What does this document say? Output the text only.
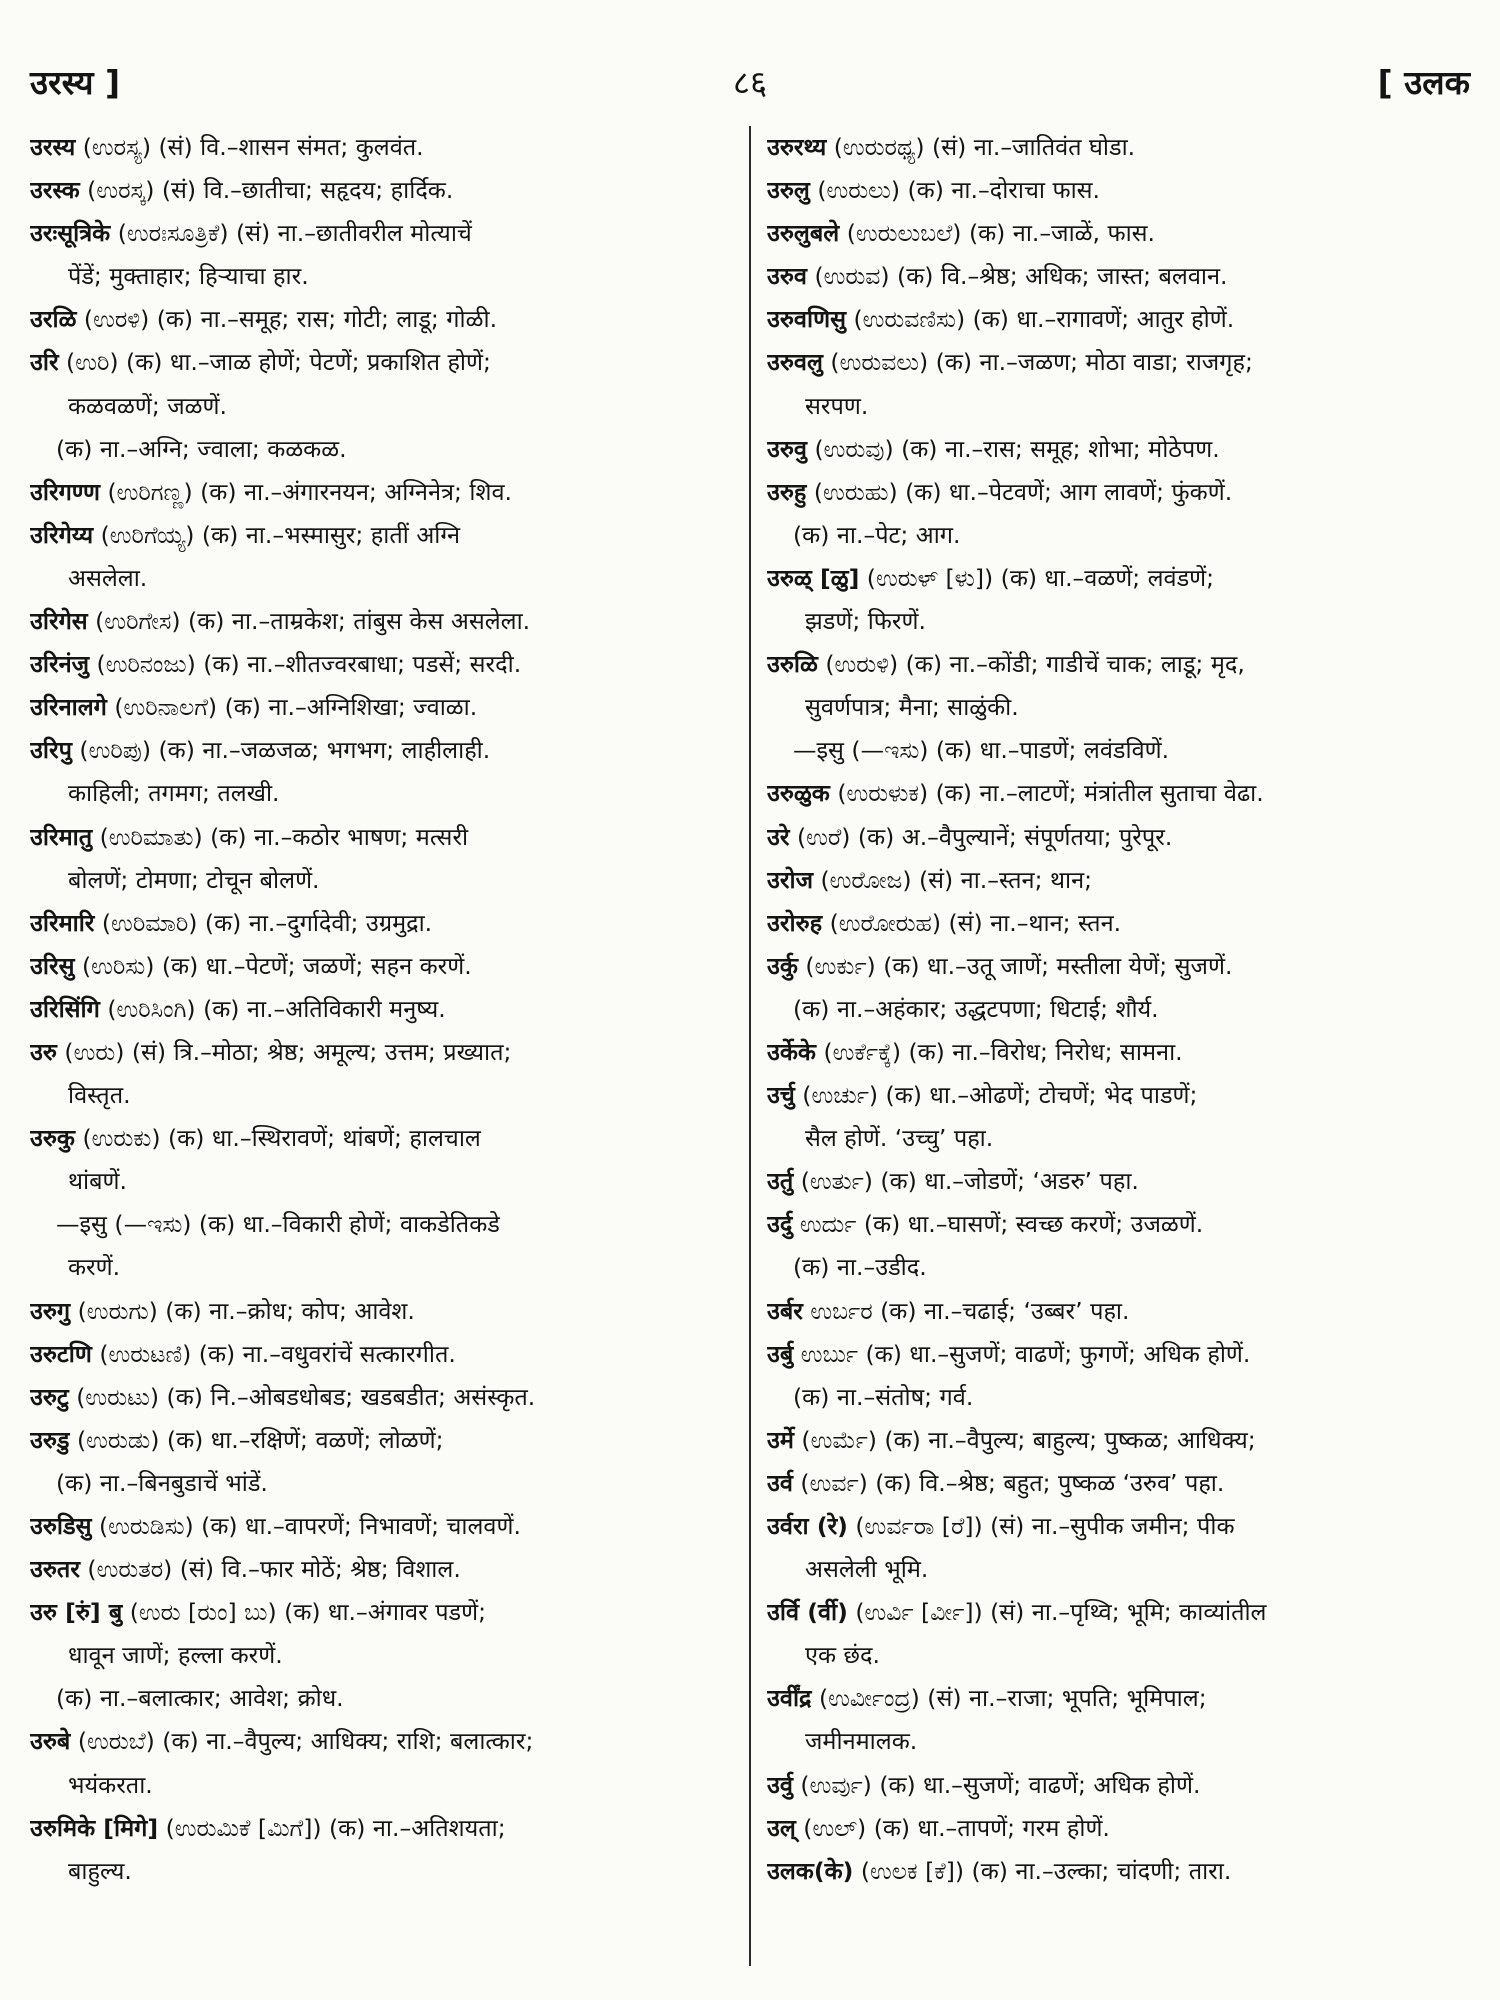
८६
उरस्य ]	[ उलक
उरस्य (ಉರಸ್ಯ) (सं) वि.–शासन संमत; कुलवंत.
उरस्क (ಉರಸ್ಕ) (सं) वि.–छातीचा; सहृदय; हार्दिक.
उरःसूत्रिके (ಉರಃಸೂತ್ರಿಕೆ) (सं) ना.–छातीवरील मोत्याचें
पेंडें; मुक्ताहार; हिऱ्याचा हार.
उरळि (ಉರಳಿ) (क) ना.–समूह; रास; गोटी; लाडू; गोळी.
उरि (ಉರಿ) (क) धा.–जाळ होणें; पेटणें; प्रकाशित होणें;
कळवळणें; जळणें.
(क) ना.–अग्नि; ज्वाला; कळकळ.
उरिगण्ण (ಉರಿಗಣ್ಣ) (क) ना.–अंगारनयन; अग्निनेत्र; शिव.
उरिगेय्य (ಉರಿಗೆಯ್ಯ) (क) ना.–भस्मासुर; हातीं अग्नि
असलेला.
उरिगेस (ಉರಿಗೇಸ) (क) ना.–ताम्रकेश; तांबुस केस असलेला.
उरिनंजु (ಉರಿನಂಜು) (क) ना.–शीतज्वरबाधा; पडसें; सरदी.
उरिनालगे (ಉರಿನಾಲಗೆ) (क) ना.–अग्निशिखा; ज्वाळा.
उरिपु (ಉರಿಪು) (क) ना.–जळजळ; भगभग; लाहीलाही.
काहिली; तगमग; तलखी.
उरिमातु (ಉರಿಮಾತು) (क) ना.–कठोर भाषण; मत्सरी
बोलणें; टोमणा; टोचून बोलणें.
उरिमारि (ಉರಿಮಾರಿ) (क) ना.–दुर्गादेवी; उग्रमुद्रा.
उरिसु (ಉರಿಸು) (क) धा.–पेटणें; जळणें; सहन करणें.
उरिसिंगि (ಉರಿಸಿಂಗಿ) (क) ना.–अतिविकारी मनुष्य.
उरु (ಉರು) (सं) त्रि.–मोठा; श्रेष्ठ; अमूल्य; उत्तम; प्रख्यात;
विस्तृत.
उरुकु (ಉರುಕು) (क) धा.–स्थिरावणें; थांबणें; हालचाल
थांबणें.
—इसु (—ಇಸು) (क) धा.–विकारी होणें; वाकडेतिकडे
करणें.
उरुगु (ಉರುಗು) (क) ना.–क्रोध; कोप; आवेश.
उरुटणि (ಉರುಟಣಿ) (क) ना.–वधुवरांचें सत्कारगीत.
उरुटु (ಉರುಟು) (क) नि.–ओबडधोबड; खडबडीत; असंस्कृत.
उरुडु (ಉರುಡು) (क) धा.–रक्षिणें; वळणें; लोळणें;
(क) ना.–बिनबुडाचें भांडें.
उरुडिसु (ಉರುಡಿಸು) (क) धा.–वापरणें; निभावणें; चालवणें.
उरुतर (ಉರುತರ) (सं) वि.–फार मोठें; श्रेष्ठ; विशाल.
उरु [रुं] बु (ಉರು [ರುಂ] ಬು) (क) धा.–अंगावर पडणें;
धावून जाणें; हल्ला करणें.
(क) ना.–बलात्कार; आवेश; क्रोध.
उरुबे (ಉರುಬೆ) (क) ना.–वैपुल्य; आधिक्य; राशि; बलात्कार;
भयंकरता.
उरुमिके [मिगे] (ಉರುಮಿಕೆ [ಮಿಗೆ]) (क) ना.–अतिशयता;
बाहुल्य.
उरुरथ्य (ಉರುರಥ್ಯ) (सं) ना.–जातिवंत घोडा.
उरुलु (ಉರುಲು) (क) ना.–दोराचा फास.
उरुलुबले (ಉರುಲುಬಲೆ) (क) ना.–जाळें, फास.
उरुव (ಉರುವ) (क) वि.–श्रेष्ठ; अधिक; जास्त; बलवान.
उरुवणिसु (ಉರುವಣಿಸು) (क) धा.–रागावणें; आतुर होणें.
उरुवलु (ಉರುವಲು) (क) ना.–जळण; मोठा वाडा; राजगृह;
सरपण.
उरुवु (ಉರುವು) (क) ना.–रास; समूह; शोभा; मोठेपण.
उरुहु (ಉರುಹು) (क) धा.–पेटवणें; आग लावणें; फुंकणें.
(क) ना.–पेट; आग.
उरुळ् [ळु] (ಉರುಳ್ [ಳು]) (क) धा.–वळणें; लवंडणें;
झडणें; फिरणें.
उरुळि (ಉರುಳಿ) (क) ना.–कोंडी; गाडीचें चाक; लाडू; मृद,
सुवर्णपात्र; मैना; साळुंकी.
—इसु (—ಇಸು) (क) धा.–पाडणें; लवंडविणें.
उरुळुक (ಉರುಳುಕ) (क) ना.–लाटणें; मंत्रांतील सुताचा वेढा.
उरे (ಉರೆ) (क) अ.–वैपुल्यानें; संपूर्णतया; पुरेपूर.
उरोज (ಉರೋಜ) (सं) ना.–स्तन; थान;
उरोरुह (ಉರೋರುಹ) (सं) ना.–थान; स्तन.
उर्कु (ಉರ್ಕು) (क) धा.–उतू जाणें; मस्तीला येणें; सुजणें.
(क) ना.–अहंकार; उद्धटपणा; धिटाई; शौर्य.
उर्केके (ಉರ್ಕೆಕ್ಕೆ) (क) ना.–विरोध; निरोध; सामना.
उर्चु (ಉರ್ಚು) (क) धा.–ओढणें; टोचणें; भेद पाडणें;
सैल होणें. ‘उच्चु’ पहा.
उर्तु (ಉರ್ತು) (क) धा.–जोडणें; ‘अडरु’ पहा.
उर्दु ಉರ್ದು (क) धा.–घासणें; स्वच्छ करणें; उजळणें.
(क) ना.–उडीद.
उर्बर ಉರ್ಬರ (क) ना.–चढाई; ‘उब्बर’ पहा.
उर्बु ಉರ್ಬು (क) धा.–सुजणें; वाढणें; फुगणें; अधिक होणें.
(क) ना.–संतोष; गर्व.
उर्मे (ಉರ್ಮೆ) (क) ना.–वैपुल्य; बाहुल्य; पुष्कळ; आधिक्य;
उर्व (ಉರ್ವ) (क) वि.–श्रेष्ठ; बहुत; पुष्कळ ‘उरुव’ पहा.
उर्वरा (रे) (ಉರ್ವರಾ [ರೆ]) (सं) ना.–सुपीक जमीन; पीक
असलेली भूमि.
उर्वि (र्वी) (ಉರ್ವಿ [ರ್ವೀ]) (सं) ना.–पृथ्वि; भूमि; काव्यांतील
एक छंद.
उर्वींद्र (ಉರ್ವೀಂದ್ರ) (सं) ना.–राजा; भूपति; भूमिपाल;
जमीनमालक.
उर्वु (ಉರ್ವು) (क) धा.–सुजणें; वाढणें; अधिक होणें.
उल् (ಉಲ್) (क) धा.–तापणें; गरम होणें.
उलक(के) (ಉಲಕ [ಕೆ]) (क) ना.–उल्का; चांदणी; तारा.
